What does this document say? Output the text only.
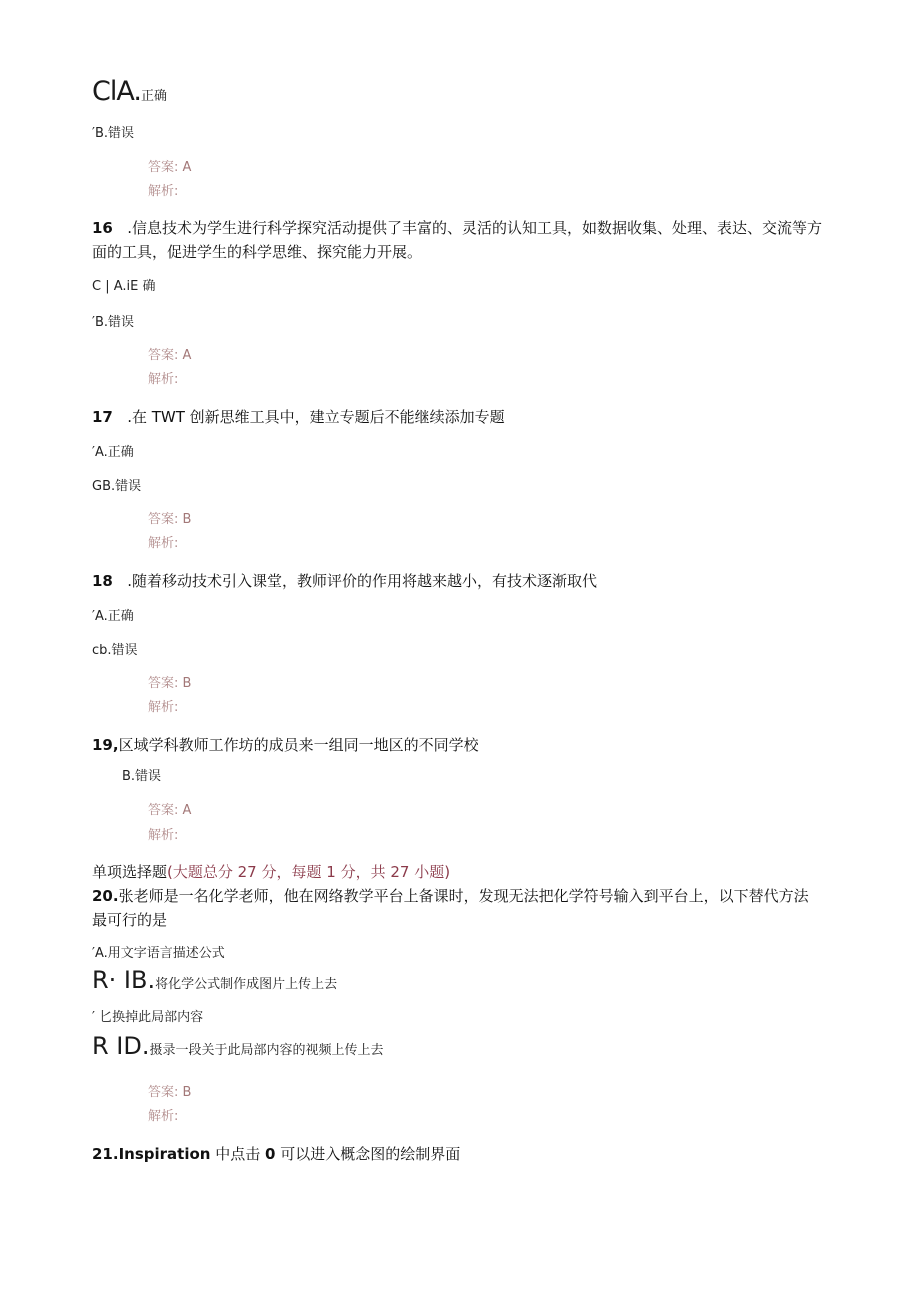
ClA.正确
′B.错误
答案: A
解析:
16 .信息技术为学生进行科学探究活动提供了丰富的、灵活的认知工具，如数据收集、处理、表达、交流等方面的工具，促进学生的科学思维、探究能力开展。
C | A.iE 确
′B.错误
答案: A
解析:
17 .在 TWT 创新思维工具中，建立专题后不能继续添加专题
′A.正确
GB.错误
答案: B
解析:
18 .随着移动技术引入课堂，教师评价的作用将越来越小，有技术逐渐取代
′A.正确
cb.错误
答案: B
解析:
19,区域学科教师工作坊的成员来一组同一地区的不同学校
B.错误
答案: A
解析:
单项选择题(大题总分 27 分，每题 1 分，共 27 小题)
20.张老师是一名化学老师，他在网络教学平台上备课时，发现无法把化学符号输入到平台上，以下替代方法最可行的是
′A.用文字语言描述公式
R· IB.将化学公式制作成图片上传上去
′ 匕换掉此局部内容
R ID.摄录一段关于此局部内容的视频上传上去
答案: B
解析:
21.Inspiration 中点击 0 可以进入概念图的绘制界面
